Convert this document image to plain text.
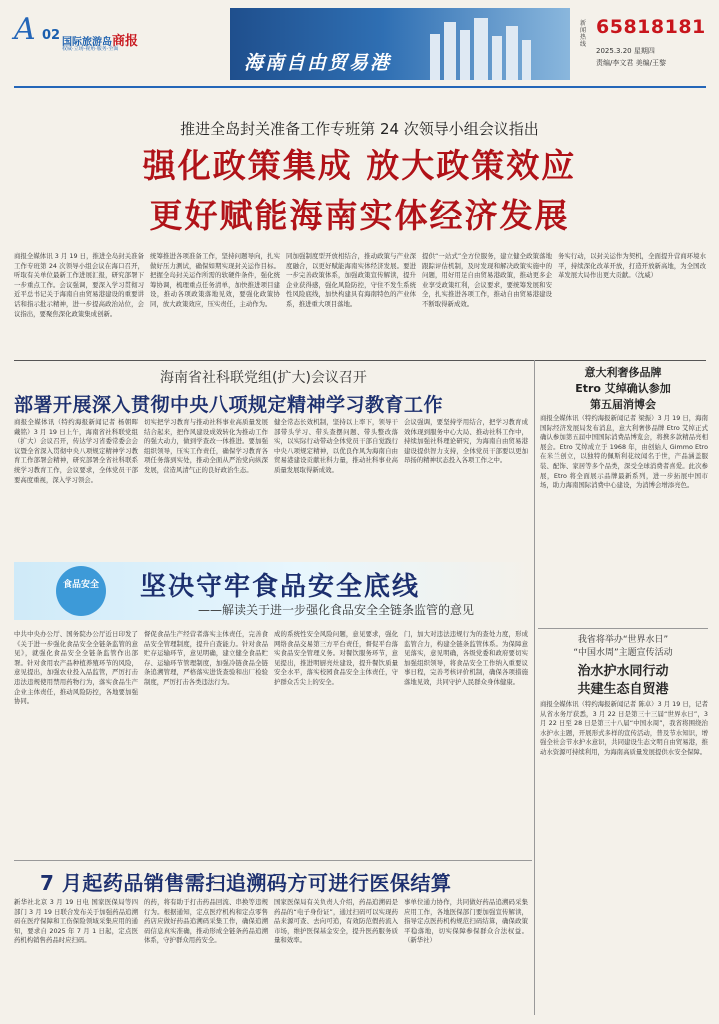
A 02 国际旅游岛商报
权威·立场·视角·服务·全面
海南自由贸易港
新闻热线
65818181
2025.3.20 星期四
责编/李文君 美编/王黎
推进全岛封关准备工作专班第 24 次领导小组会议指出
强化政策集成 放大政策效应
更好赋能海南实体经济发展
商报全媒体讯 3 月 19 日，推进全岛封关准备工作专班第 24 次领导小组会议在海口召开，听取有关单位最新工作进展汇报，研究部署下一步重点工作。会议强调，要深入学习贯彻习近平总书记关于海南自由贸易港建设的重要讲话和指示批示精神，进一步提高政治站位，会议指出，要聚焦深化政策集成创新。
统筹推进各项准备工作，坚持问题导向，扎实做好压力测试，确保如期实现封关运作目标。把握全岛封关运作所需的软硬件条件，强化统筹协调，梳理重点任务清单，加快推进项目建设，推动各项政策落地见效，要强化政策协同，放大政策效应，压实责任，主动作为。
同加强制度型开放相结合，推动政策与产业深度融合，以更好赋能海南实体经济发展。要进一步完善政策体系，加强政策宣传解读，提升企业获得感，强化风险防控，守住不发生系统性风险底线，加快构建具有海南特色的产业体系，推进重大项目落地。
提供“一站式”全方位服务，建立健全政策落地跟踪评估机制，及时发现和解决政策实施中的问题，用好用足自由贸易港政策，推动更多企业享受政策红利，会议要求，要统筹发展和安全，扎实推进各项工作，推动自由贸易港建设不断取得新成效。
务实行动，以封关运作为契机，全面提升营商环境水平，持续深化改革开放，打造开放新高地，为全国改革发展大局作出更大贡献。（沈威）
海南省社科联党组(扩大)会议召开
部署开展深入贯彻中央八项规定精神学习教育工作
商报全媒体讯（特约海报新闻记者 杨朝晖 戴铭）3 月 19 日上午，海南省社科联党组（扩大）会议召开，传达学习省委常委会会议暨全省深入贯彻中央八项规定精神学习教育工作部署会精神，研究部署全省社科联系统学习教育工作，会议要求，全体党员干部要高度重视，深入学习领会。
切实把学习教育与推动社科事业高质量发展结合起来，把作风建设成效转化为推动工作的强大动力，做到学查改一体推进。要加强组织领导，压实工作责任，确保学习教育各项任务落到实处，推动全面从严治党向纵深发展，营造风清气正的良好政治生态。
健全常态长效机制，坚持以上率下，领导干部带头学习、带头查摆问题、带头整改落实，以实际行动带动全体党员干部自觉践行中央八项规定精神，以优良作风为海南自由贸易港建设贡献社科力量，推动社科事业高质量发展取得新成效。
会议强调，要坚持学用结合，把学习教育成效体现到服务中心大局、推动社科工作中，持续加强社科理论研究，为海南自由贸易港建设提供智力支持，全体党员干部要以更加昂扬的精神状态投入各项工作之中。
食品安全 坚决守牢食品安全底线
——解读关于进一步强化食品安全全链条监管的意见
中共中央办公厅、国务院办公厅近日印发了《关于进一步强化食品安全全链条监管的意见》，就强化食品安全全链条监管作出部署。针对食用农产品种植养殖环节的风险，意见提出，加强农业投入品监管，严厉打击违法违规使用禁用药物行为，落实食品生产企业主体责任，推动风险防控，各地要加强协同。
督促食品生产经营者落实主体责任，完善食品安全管理制度，提升自查能力。针对食品贮存运输环节，意见明确，建立健全食品贮存、运输环节管理制度，加强冷链食品全链条追溯管理，严格落实进货查验和出厂检验制度，严厉打击各类违法行为。
成的系统性安全风险问题，意见要求，强化网络食品交易第三方平台责任，督促平台落实食品安全管理义务。对餐饮服务环节，意见提出，推进明厨亮灶建设，提升餐饮质量安全水平，落实校园食品安全主体责任，守护群众舌尖上的安全。
门，加大对违法违规行为的查处力度，形成监管合力，构建全链条监管体系。为保障意见落实，意见明确，各级党委和政府要切实加强组织领导，将食品安全工作纳入重要议事日程，完善考核评价机制，确保各项措施落地见效，共同守护人民群众身体健康。
7 月起药品销售需扫追溯码方可进行医保结算
新华社北京 3 月 19 日电 国家医保局等四部门 3 月 19 日联合发布关于加强药品追溯码在医疗保障和工伤保险领域采集应用的通知，要求自 2025 年 7 月 1 日起，定点医药机构销售药品时应扫码。
的药，将有助于打击药品回流、串换等违规行为。根据通知，定点医疗机构和定点零售药店应做好药品追溯码采集工作，确保追溯码信息真实准确，推动形成全链条药品追溯体系，守护群众用药安全。
国家医保局有关负责人介绍，药品追溯码是药品的“电子身份证”，通过扫码可以实现药品来源可查、去向可追，有效防范假药流入市场，维护医保基金安全，提升医药服务质量和效率。
事单位通力协作，共同做好药品追溯码采集应用工作，各地医保部门要加强宣传解读，指导定点医药机构规范扫码结算，确保政策平稳落地，切实保障参保群众合法权益。（新华社）
意大利奢侈品牌
Etro 艾绰确认参加
第五届消博会
商报全媒体讯（特约海报新闻记者 梁振）3 月 19 日，海南国际经济发展局发布消息，意大利奢侈品牌 Etro 艾绰正式确认参加第五届中国国际消费品博览会，将携多款精品亮相展会。Etro 艾绰成立于 1968 年，由创始人 Gimmo Etro 在米兰创立，以独特的佩斯利花纹闻名于世，产品涵盖服装、配饰、家居等多个品类，深受全球消费者喜爱。此次参展，Etro 将全面展示品牌最新系列，进一步拓展中国市场，助力海南国际消费中心建设，为消博会增添亮色。
我省将举办“世界水日”
“中国水周”主题宣传活动
治水护水同行动
共建生态自贸港
商报全媒体讯（特约海报新闻记者 陈卓）3 月 19 日，记者从省水务厅获悉，3 月 22 日是第三十三届“世界水日”，3 月 22 日至 28 日是第三十八届“中国水周”，我省将围绕治水护水主题，开展形式多样的宣传活动，普及节水知识，增强全社会节水护水意识，共同建设生态文明自由贸易港，推动水资源可持续利用，为海南高质量发展提供水安全保障。
